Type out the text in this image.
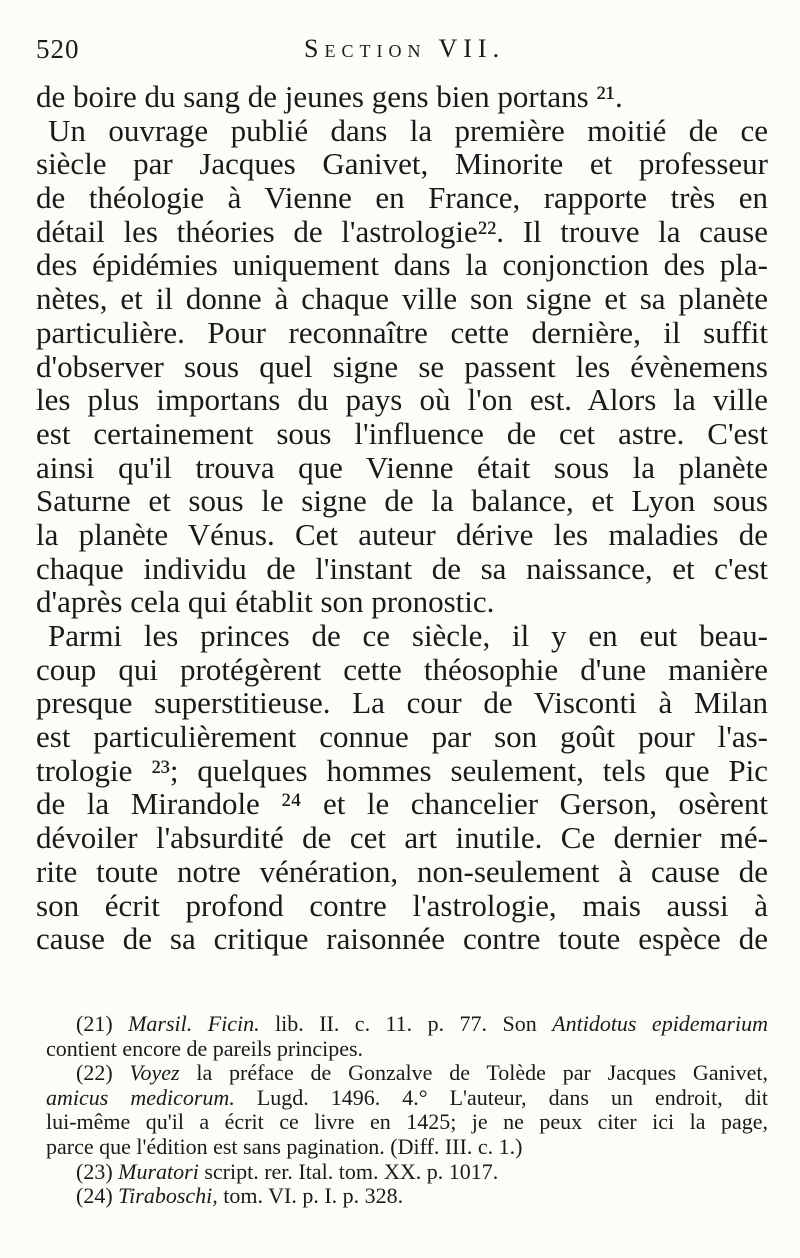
520	Section VII.
de boire du sang de jeunes gens bien portans ²¹.
Un ouvrage publié dans la première moitié de ce
siècle par Jacques Ganivet, Minorite et professeur
de théologie à Vienne en France, rapporte très en
détail les théories de l'astrologie²². Il trouve la cause
des épidémies uniquement dans la conjonction des pla-
nètes, et il donne à chaque ville son signe et sa planète
particulière. Pour reconnaître cette dernière, il suffit
d'observer sous quel signe se passent les évènemens
les plus importans du pays où l'on est. Alors la ville
est certainement sous l'influence de cet astre. C'est
ainsi qu'il trouva que Vienne était sous la planète
Saturne et sous le signe de la balance, et Lyon sous
la planète Vénus. Cet auteur dérive les maladies de
chaque individu de l'instant de sa naissance, et c'est
d'après cela qui établit son pronostic.
Parmi les princes de ce siècle, il y en eut beau-
coup qui protégèrent cette théosophie d'une manière
presque superstitieuse. La cour de Visconti à Milan
est particulièrement connue par son goût pour l'as-
trologie ²³; quelques hommes seulement, tels que Pic
de la Mirandole ²⁴ et le chancelier Gerson, osèrent
dévoiler l'absurdité de cet art inutile. Ce dernier mé-
rite toute notre vénération, non-seulement à cause de
son écrit profond contre l'astrologie, mais aussi à
cause de sa critique raisonnée contre toute espèce de
(21) Marsil. Ficin. lib. II. c. 11. p. 77. Son Antidotus epidemarium
contient encore de pareils principes.
(22) Voyez la préface de Gonzalve de Tolède par Jacques Ganivet,
amicus medicorum. Lugd. 1496. 4.° L'auteur, dans un endroit, dit
lui-même qu'il a écrit ce livre en 1425; je ne peux citer ici la page,
parce que l'édition est sans pagination. (Diff. III. c. 1.)
(23) Muratori script. rer. Ital. tom. XX. p. 1017.
(24) Tiraboschi, tom. VI. p. I. p. 328.
